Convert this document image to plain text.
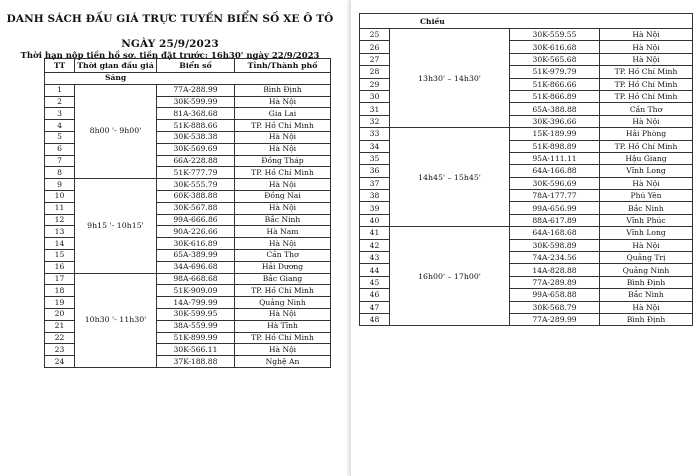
DANH SÁCH ĐẤU GIÁ TRỰC TUYẾN BIỂN SỐ XE Ô TÔ
NGÀY 25/9/2023
Thời hạn nộp tiền hồ sơ, tiền đặt trước: 16h30' ngày 22/9/2023
TT	Thời gian đấu giá	Biển số	Tỉnh/Thành phố
Sáng			
1	8h00 '- 9h00'	77A-288.99	Bình Định
2		30K-599.99	Hà Nội
3		81A-368.68	Gia Lai
4		51K-888.66	TP. Hồ Chí Minh
5		30K-538.38	Hà Nội
6		30K-569.69	Hà Nội
7		66A-228.88	Đồng Tháp
8		51K-777.79	TP. Hồ Chí Minh
9	9h15 '- 10h15'	30K-555.79	Hà Nội
10		60K-388.88	Đồng Nai
11		30K-567.88	Hà Nội
12		99A-666.86	Bắc Ninh
13		90A-226.66	Hà Nam
14		30K-616.89	Hà Nội
15		65A-389.99	Cần Thơ
16		34A-696.68	Hải Dương
17	10h30 '- 11h30'	98A-668.68	Bắc Giang
18		51K-909.09	TP. Hồ Chí Minh
19		14A-799.99	Quảng Ninh
20		30K-599.95	Hà Nội
21		38A-559.99	Hà Tĩnh
22		51K-899.99	TP. Hồ Chí Minh
23		30K-566.11	Hà Nội
24		37K-188.88	Nghệ An
Chiều			
25	13h30' – 14h30'	30K-559.55	Hà Nội
26		30K-616.68	Hà Nội
27		30K-565.68	Hà Nội
28		51K-979.79	TP. Hồ Chí Minh
29		51K-866.66	TP. Hồ Chí Minh
30		51K-866.89	TP. Hồ Chí Minh
31		65A-388.88	Cần Thơ
32		30K-396.66	Hà Nội
33	14h45' – 15h45'	15K-189.99	Hải Phòng
34		51K-898.89	TP. Hồ Chí Minh
35		95A-111.11	Hậu Giang
36		64A-166.88	Vĩnh Long
37		30K-596.69	Hà Nội
38		78A-177.77	Phú Yên
39		99A-656.99	Bắc Ninh
40		88A-617.89	Vĩnh Phúc
41	16h00' – 17h00'	64A-168.68	Vĩnh Long
42		30K-598.89	Hà Nội
43		74A-234.56	Quảng Trị
44		14A-828.88	Quảng Ninh
45		77A-289.89	Bình Định
46		99A-658.88	Bắc Ninh
47		30K-568.79	Hà Nội
48		77A-289.99	Bình Định
